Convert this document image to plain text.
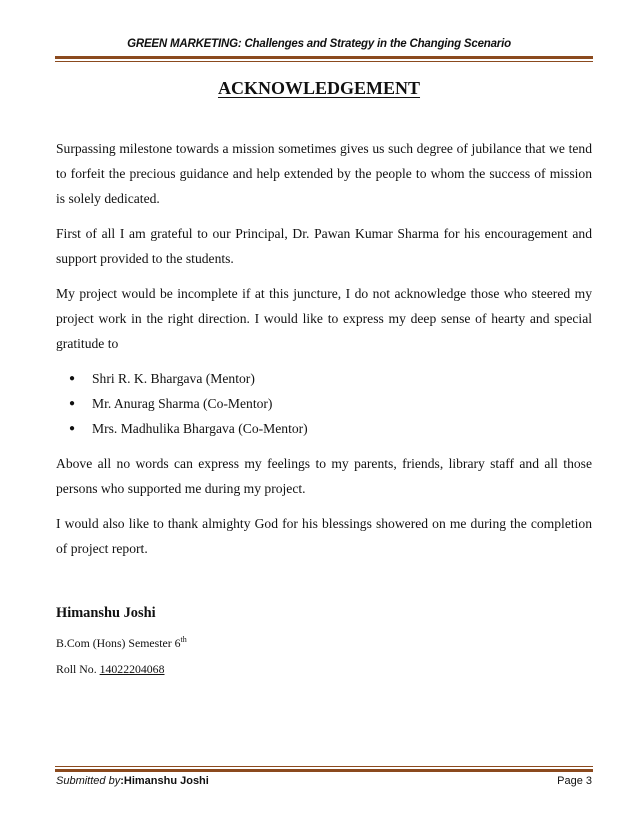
GREEN MARKETING: Challenges and Strategy in the Changing Scenario
ACKNOWLEDGEMENT

Surpassing milestone towards a mission sometimes gives us such degree of jubilance that we tend to forfeit the precious guidance and help extended by the people to whom the success of mission is solely dedicated.

First of all I am grateful to our Principal, Dr. Pawan Kumar Sharma for his encouragement and support provided to the students.

My project would be incomplete if at this juncture, I do not acknowledge those who steered my project work in the right direction. I would like to express my deep sense of hearty and special gratitude to

● Shri R. K. Bhargava (Mentor)
● Mr. Anurag Sharma (Co-Mentor)
● Mrs. Madhulika Bhargava (Co-Mentor)

Above all no words can express my feelings to my parents, friends, library staff and all those persons who supported me during my project.

I would also like to thank almighty God for his blessings showered on me during the completion of project report.

Himanshu Joshi
B.Com (Hons) Semester 6th
Roll No. 14022204068
Submitted by:Himanshu Joshi	Page 3
